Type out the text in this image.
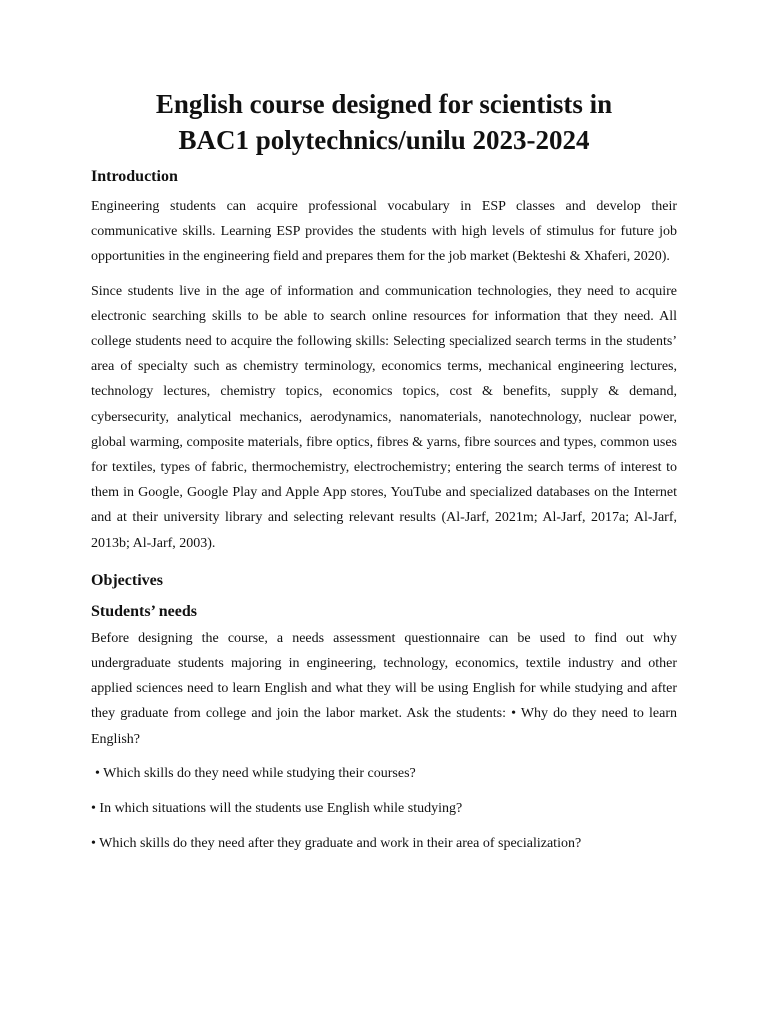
English course designed for scientists in
BAC1 polytechnics/unilu 2023-2024
Introduction

Engineering students can acquire professional vocabulary in ESP classes and develop their communicative skills. Learning ESP provides the students with high levels of stimulus for future job opportunities in the engineering field and prepares them for the job market (Bekteshi & Xhaferi, 2020).

Since students live in the age of information and communication technologies, they need to acquire electronic searching skills to be able to search online resources for information that they need. All college students need to acquire the following skills: Selecting specialized search terms in the students’ area of specialty such as chemistry terminology, economics terms, mechanical engineering lectures, technology lectures, chemistry topics, economics topics, cost & benefits, supply & demand, cybersecurity, analytical mechanics, aerodynamics, nanomaterials, nanotechnology, nuclear power, global warming, composite materials, fibre optics, fibres & yarns, fibre sources and types, common uses for textiles, types of fabric, thermochemistry, electrochemistry; entering the search terms of interest to them in Google, Google Play and Apple App stores, YouTube and specialized databases on the Internet and at their university library and selecting relevant results (Al-Jarf, 2021m; Al-Jarf, 2017a; Al-Jarf, 2013b; Al-Jarf, 2003).

Objectives
Students’ needs

Before designing the course, a needs assessment questionnaire can be used to find out why undergraduate students majoring in engineering, technology, economics, textile industry and other applied sciences need to learn English and what they will be using English for while studying and after they graduate from college and join the labor market. Ask the students: • Why do they need to learn English?

• Which skills do they need while studying their courses?

• In which situations will the students use English while studying?

• Which skills do they need after they graduate and work in their area of specialization?
